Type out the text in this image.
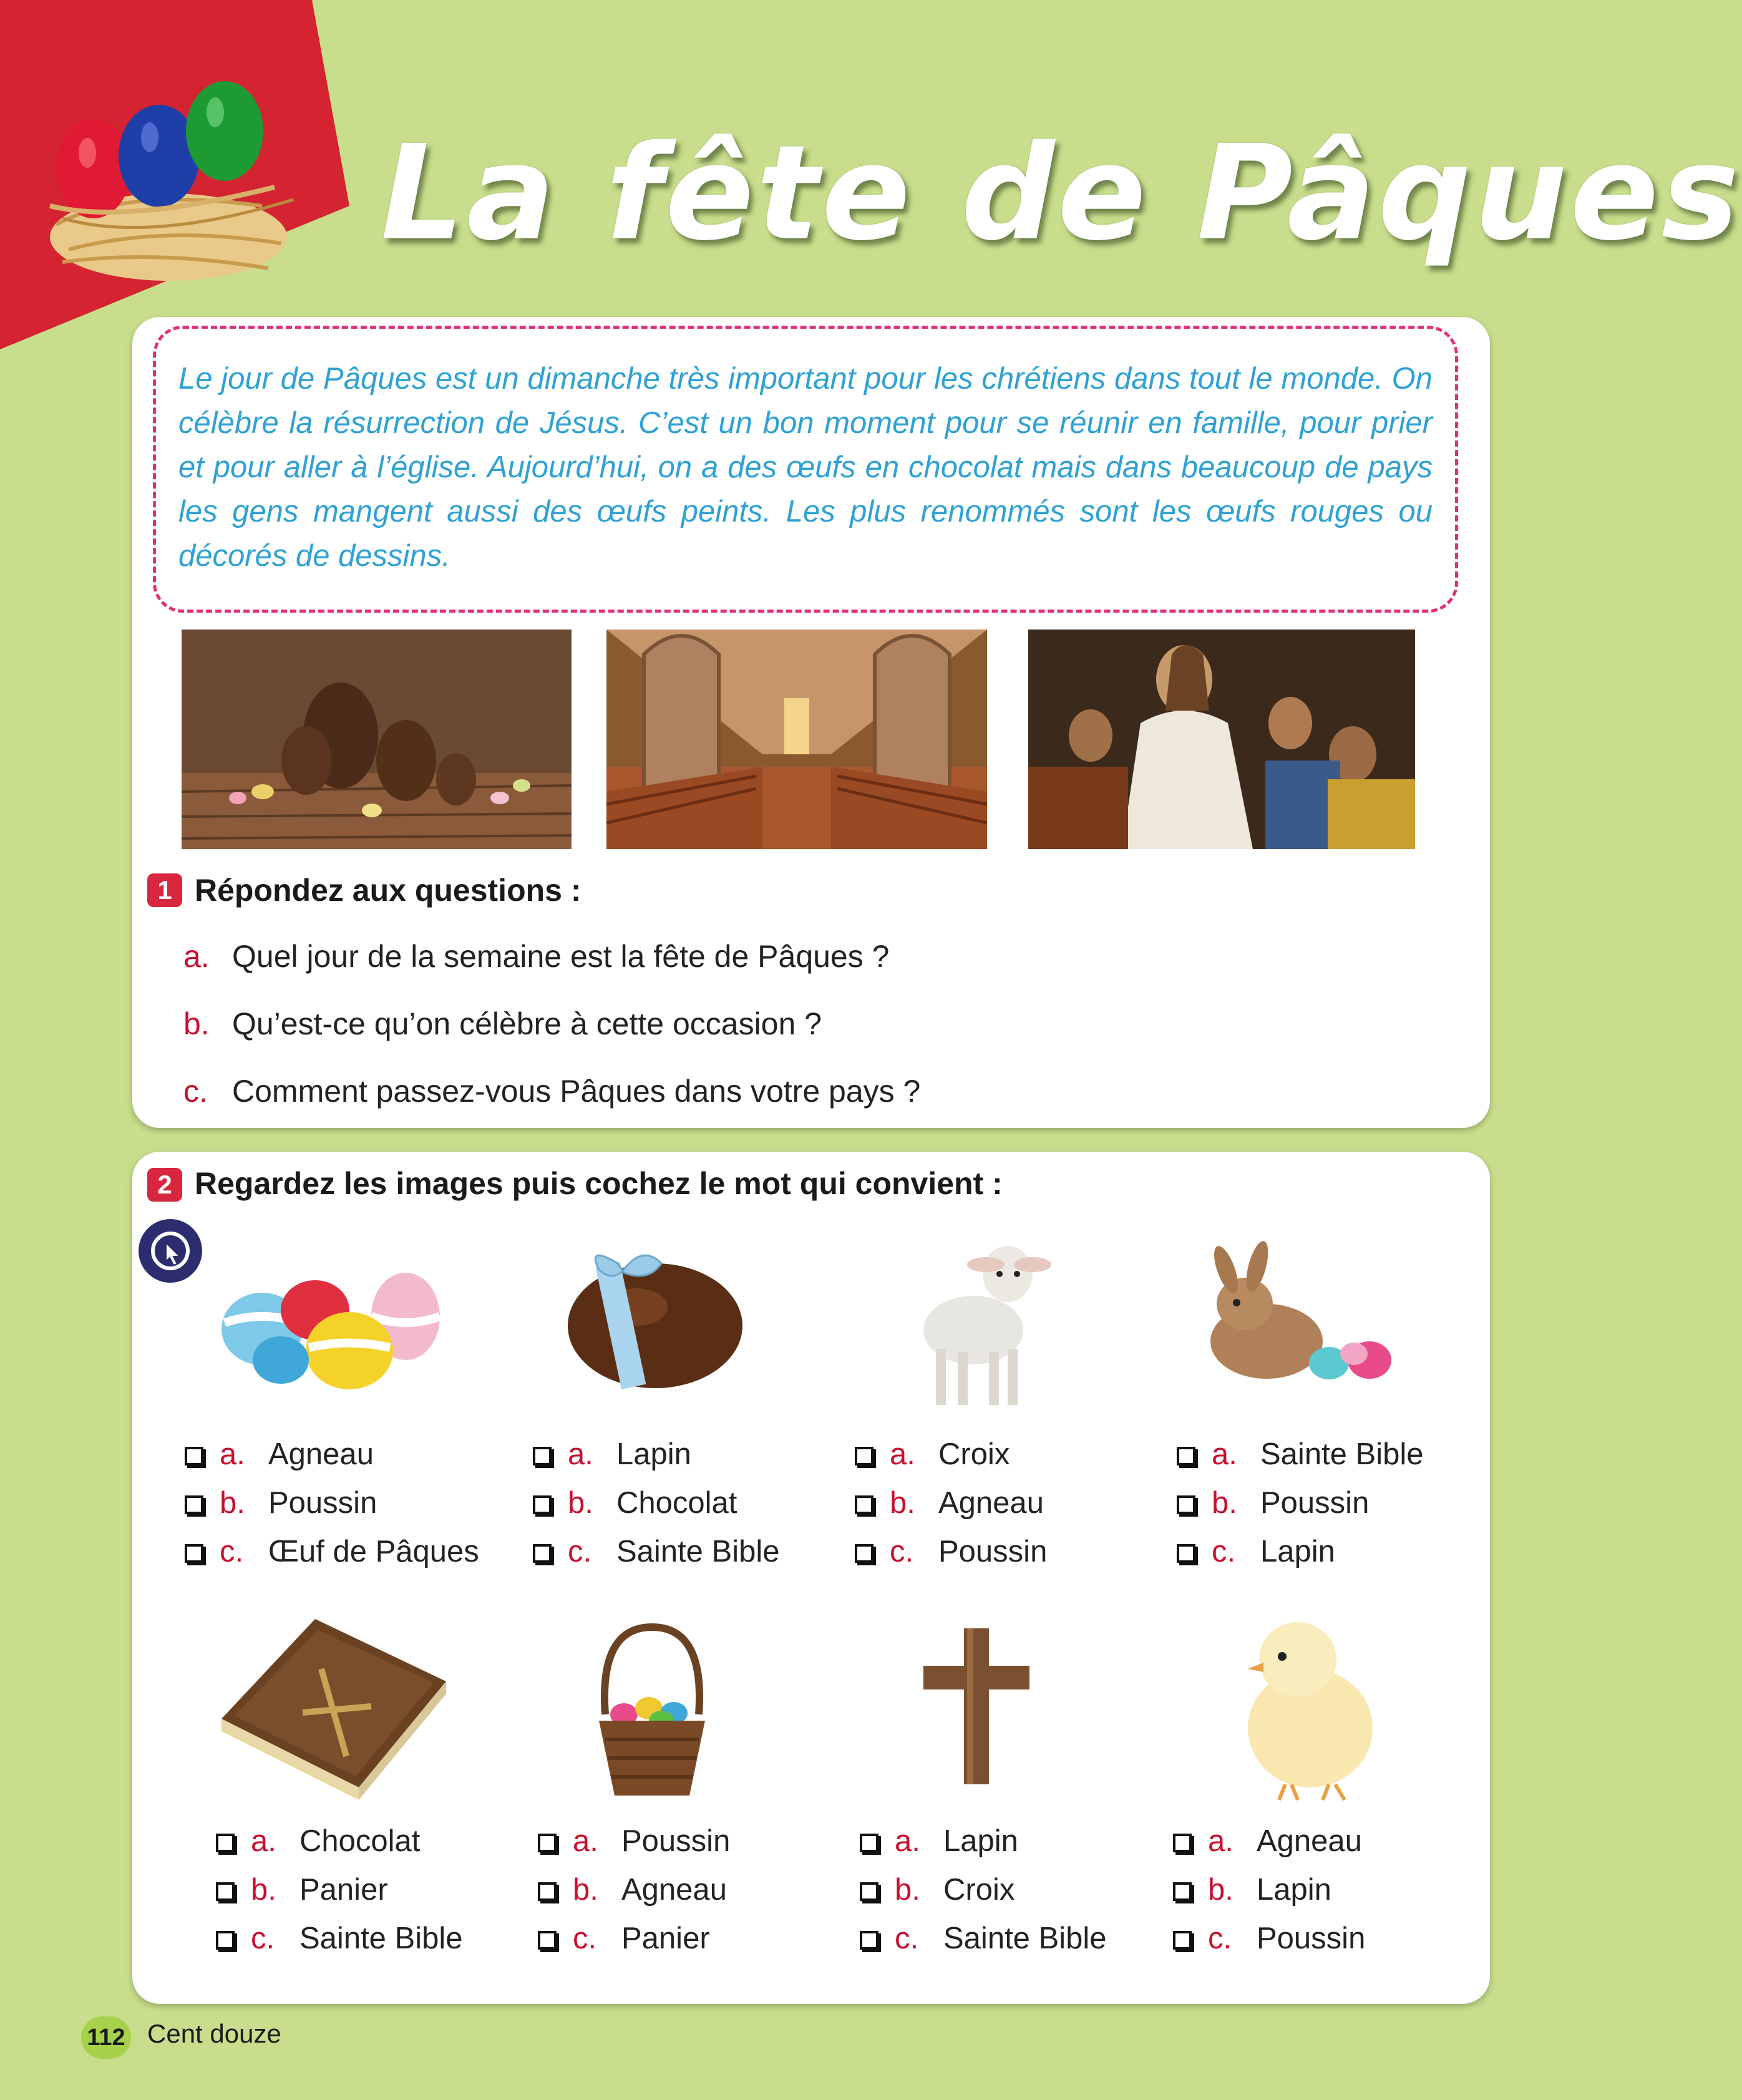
La fête de Pâques
Le jour de Pâques est un dimanche très important pour les chrétiens dans tout le monde. On célèbre la résurrection de Jésus. C’est un bon moment pour se réunir en famille, pour prier et pour aller à l’église. Aujourd’hui, on a des œufs en chocolat mais dans beaucoup de pays les gens mangent aussi des œufs peints. Les plus renommés sont les œufs rouges ou décorés de dessins.
1 Répondez aux questions :
a. Quel jour de la semaine est la fête de Pâques ?
b. Qu’est-ce qu’on célèbre à cette occasion ?
c. Comment passez-vous Pâques dans votre pays ?
2 Regardez les images puis cochez le mot qui convient :
a. Agneau
b. Poussin
c. Œuf de Pâques
a. Lapin
b. Chocolat
c. Sainte Bible
a. Croix
b. Agneau
c. Poussin
a. Sainte Bible
b. Poussin
c. Lapin
a. Chocolat
b. Panier
c. Sainte Bible
a. Poussin
b. Agneau
c. Panier
a. Lapin
b. Croix
c. Sainte Bible
a. Agneau
b. Lapin
c. Poussin
112 Cent douze
